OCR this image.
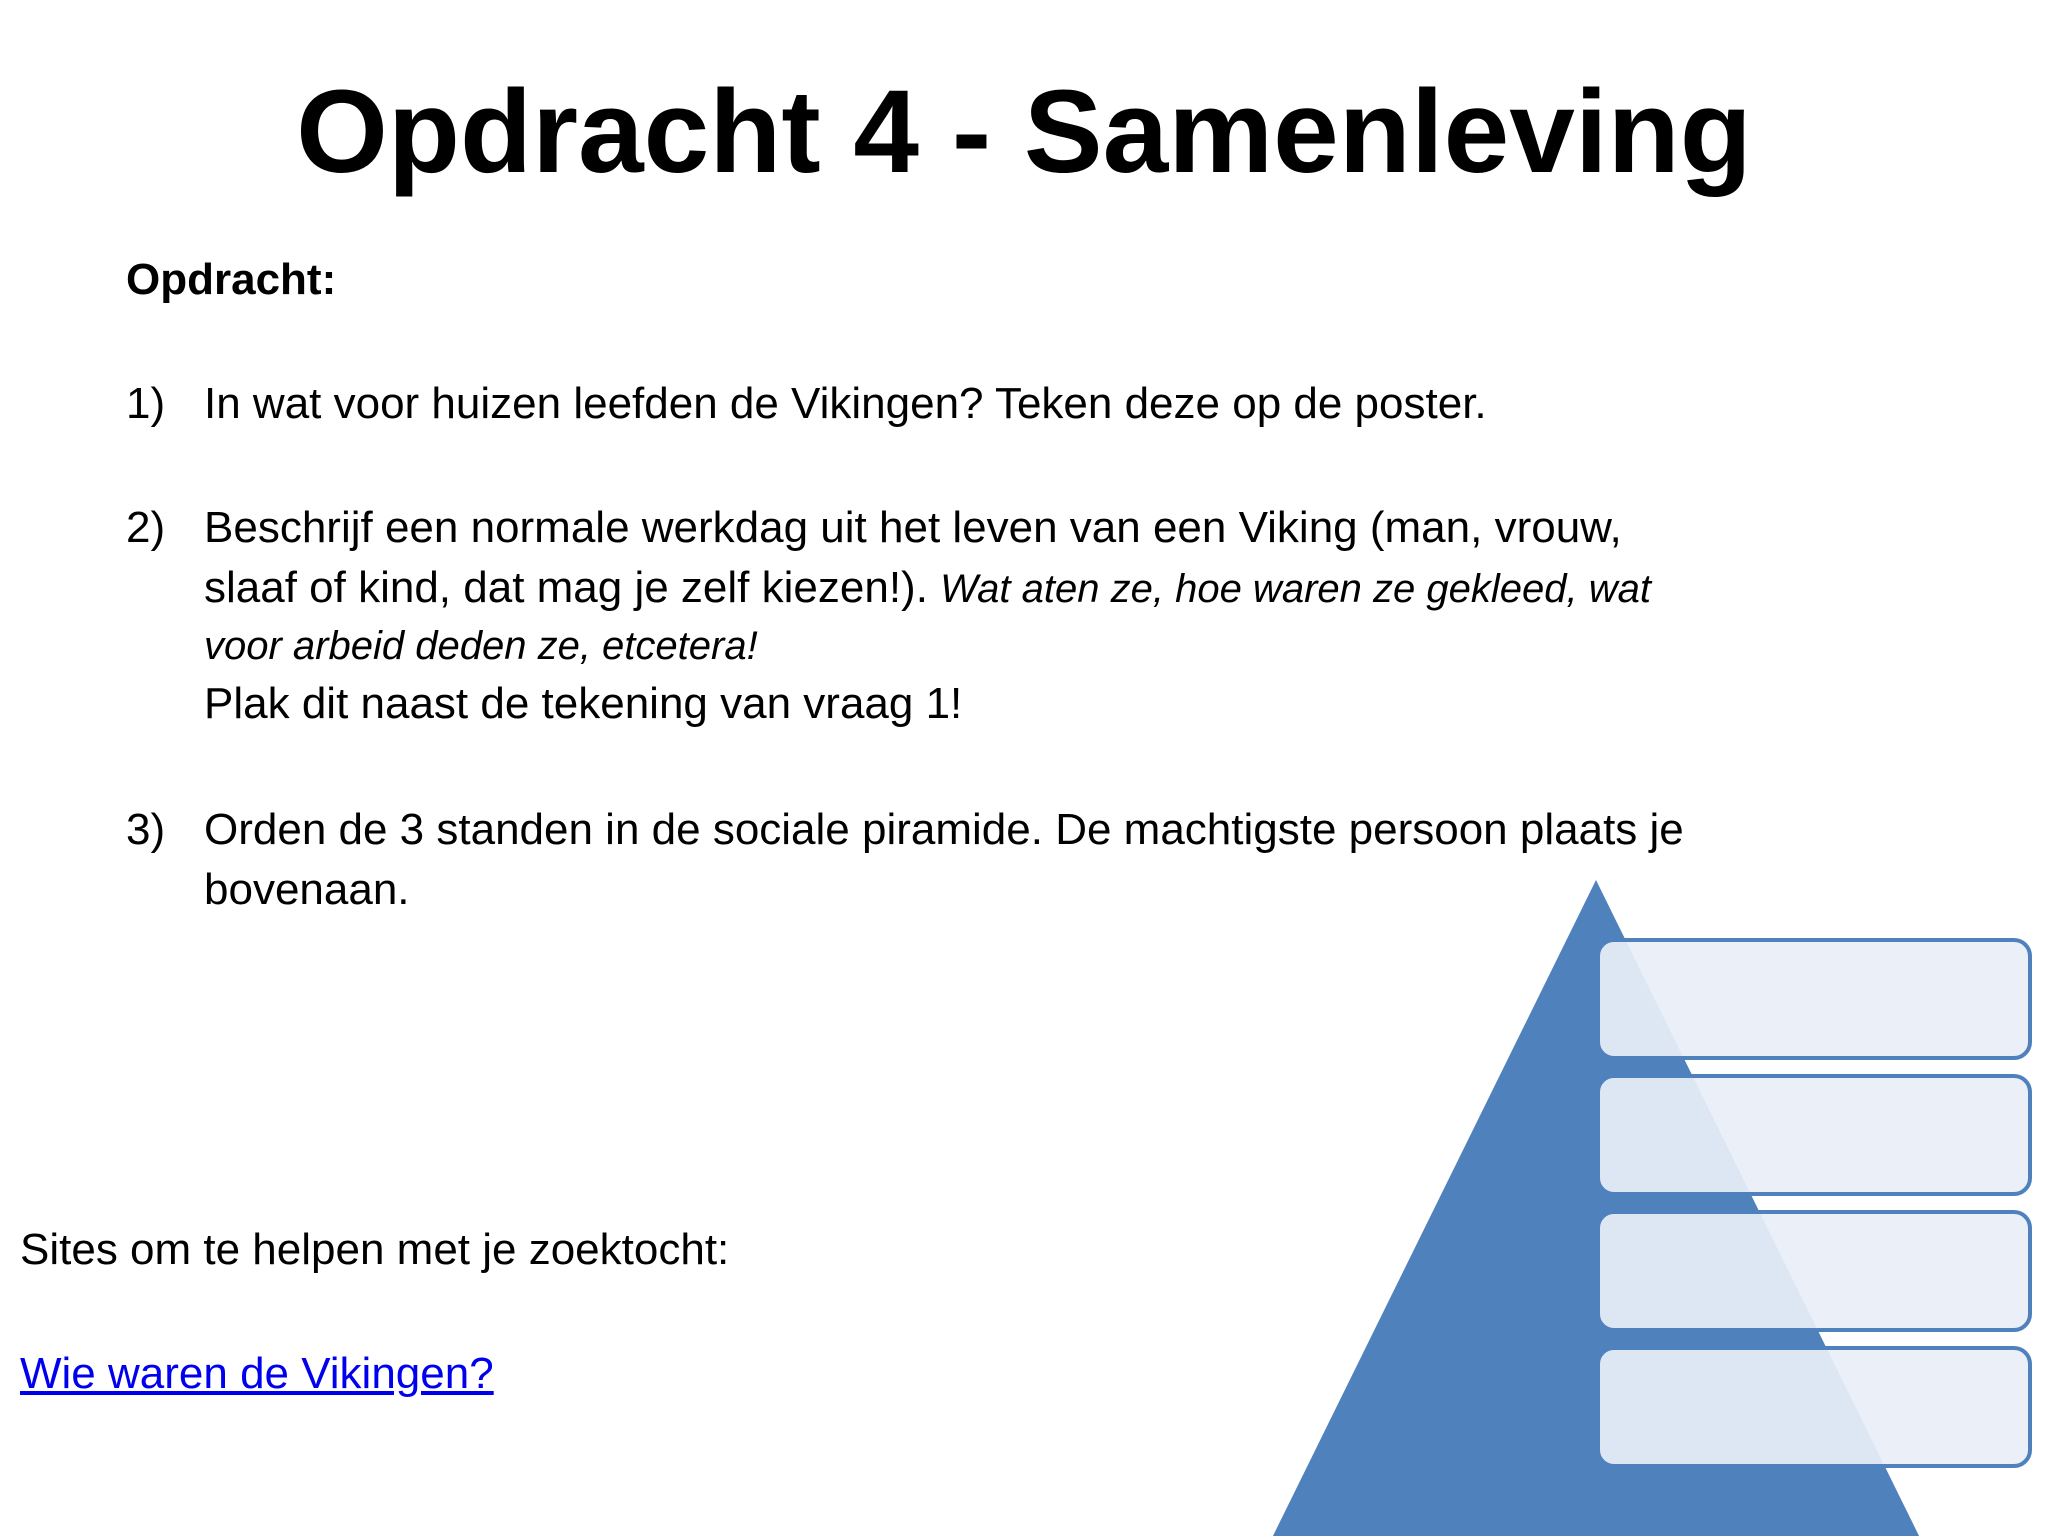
Opdracht 4 - Samenleving
Opdracht:
1) In wat voor huizen leefden de Vikingen? Teken deze op de poster.
2) Beschrijf een normale werkdag uit het leven van een Viking (man, vrouw,
slaaf of kind, dat mag je zelf kiezen!). Wat aten ze, hoe waren ze gekleed, wat
voor arbeid deden ze, etcetera!
Plak dit naast de tekening van vraag 1!
3) Orden de 3 standen in de sociale piramide. De machtigste persoon plaats je
bovenaan.
Sites om te helpen met je zoektocht:
Wie waren de Vikingen?
